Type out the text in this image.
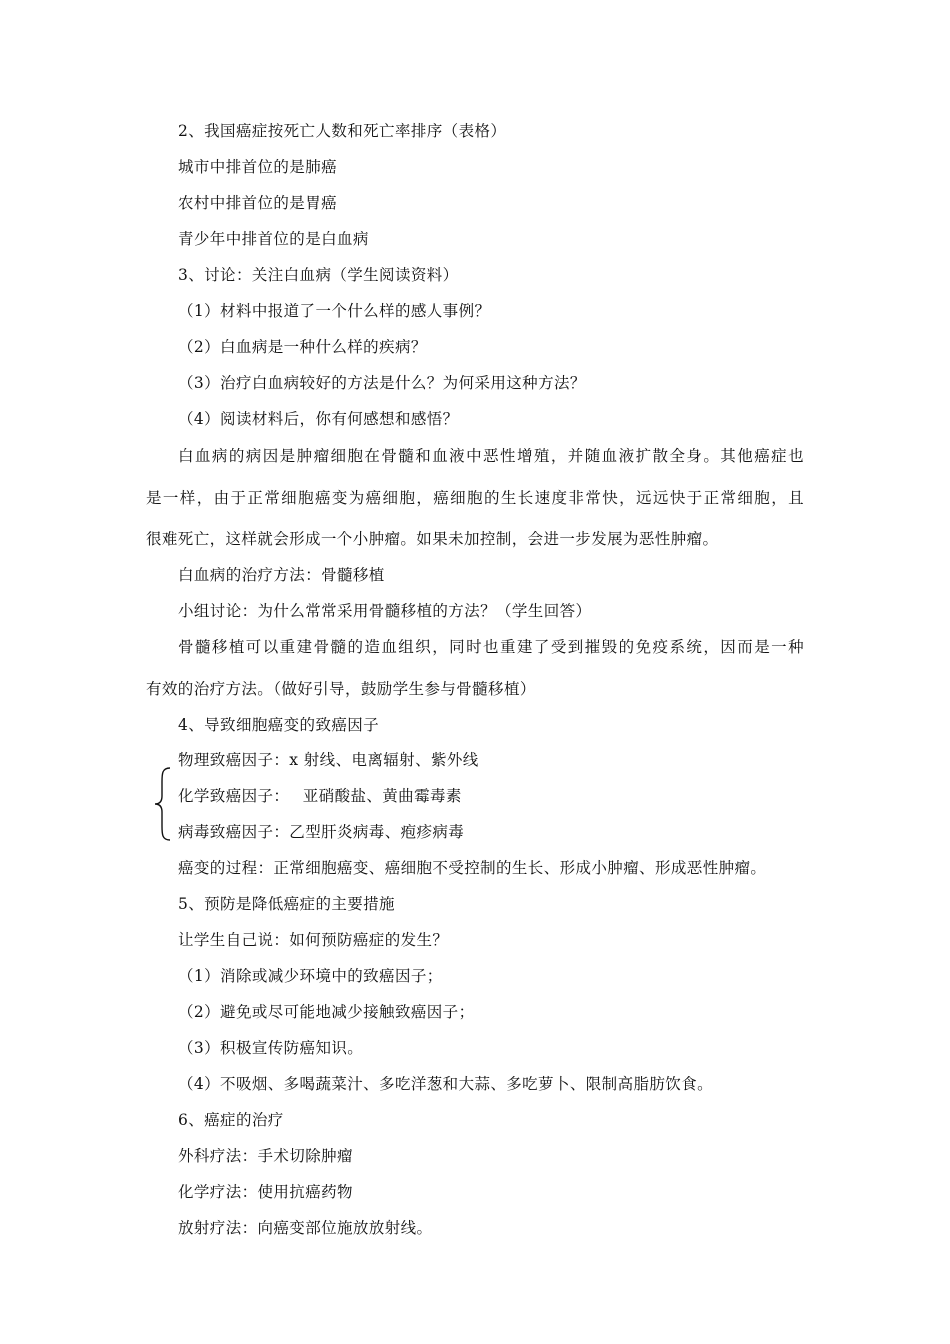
2、我国癌症按死亡人数和死亡率排序（表格）
城市中排首位的是肺癌
农村中排首位的是胃癌
青少年中排首位的是白血病
3、讨论：关注白血病（学生阅读资料）
（1）材料中报道了一个什么样的感人事例？
（2）白血病是一种什么样的疾病？
（3）治疗白血病较好的方法是什么？为何采用这种方法？
（4）阅读材料后，你有何感想和感悟？
白血病的病因是肿瘤细胞在骨髓和血液中恶性增殖，并随血液扩散全身。其他癌症也
是一样，由于正常细胞癌变为癌细胞，癌细胞的生长速度非常快，远远快于正常细胞，且
很难死亡，这样就会形成一个小肿瘤。如果未加控制，会进一步发展为恶性肿瘤。
白血病的治疗方法：骨髓移植
小组讨论：为什么常常采用骨髓移植的方法？（学生回答）
骨髓移植可以重建骨髓的造血组织，同时也重建了受到摧毁的免疫系统，因而是一种
有效的治疗方法。（做好引导，鼓励学生参与骨髓移植）
4、导致细胞癌变的致癌因子
物理致癌因子：x 射线、电离辐射、紫外线
化学致癌因子：　 亚硝酸盐、黄曲霉毒素
病毒致癌因子：乙型肝炎病毒、疱疹病毒
癌变的过程：正常细胞癌变、癌细胞不受控制的生长、形成小肿瘤、形成恶性肿瘤。
5、预防是降低癌症的主要措施
让学生自己说：如何预防癌症的发生？
（1）消除或减少环境中的致癌因子；
（2）避免或尽可能地减少接触致癌因子；
（3）积极宣传防癌知识。
（4）不吸烟、多喝蔬菜汁、多吃洋葱和大蒜、多吃萝卜、限制高脂肪饮食。
6、癌症的治疗
外科疗法：手术切除肿瘤
化学疗法：使用抗癌药物
放射疗法：向癌变部位施放放射线。
